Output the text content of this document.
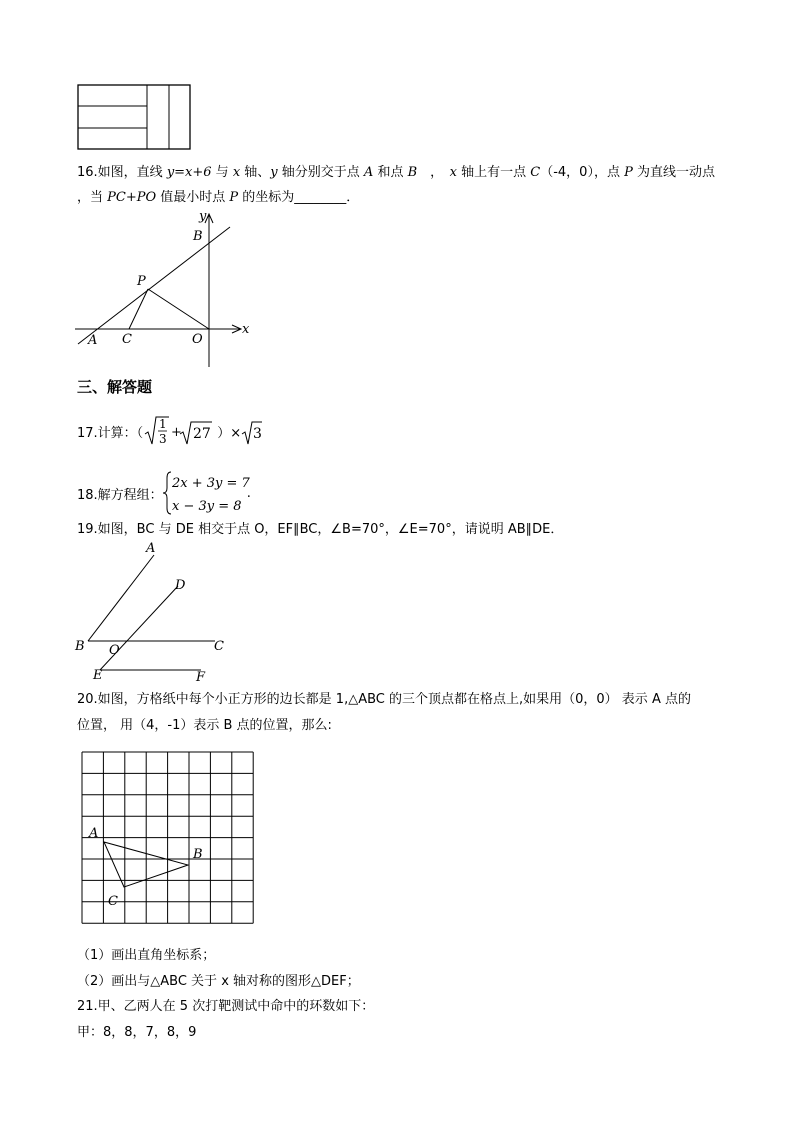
16.如图，直线 y=x+6 与 x 轴、y 轴分别交于点 A 和点 B　，　x 轴上有一点 C（-4，0），点 P 为直线一动点
，当 PC+PO 值最小时点 P 的坐标为________．
y
x
B
P
A C	O
三、解答题
17.计算：（
1
3 + 27 ）× 3
18.解方程组：
2x + 3y = 7
x − 3y = 8
.
19.如图，BC 与 DE 相交于点 O，EF∥BC，∠B=70°，∠E=70°，请说明 AB∥DE．
A
D
B O	C
E	F
20.如图，方格纸中每个小正方形的边长都是 1,△ABC 的三个顶点都在格点上,如果用（0，0） 表示 A 点的
位置， 用（4，-1）表示 B 点的位置，那么:
A
B
C
（1）画出直角坐标系；
（2）画出与△ABC 关于 x 轴对称的图形△DEF；
21.甲、乙两人在 5 次打靶测试中命中的环数如下：
甲：8，8，7，8，9
